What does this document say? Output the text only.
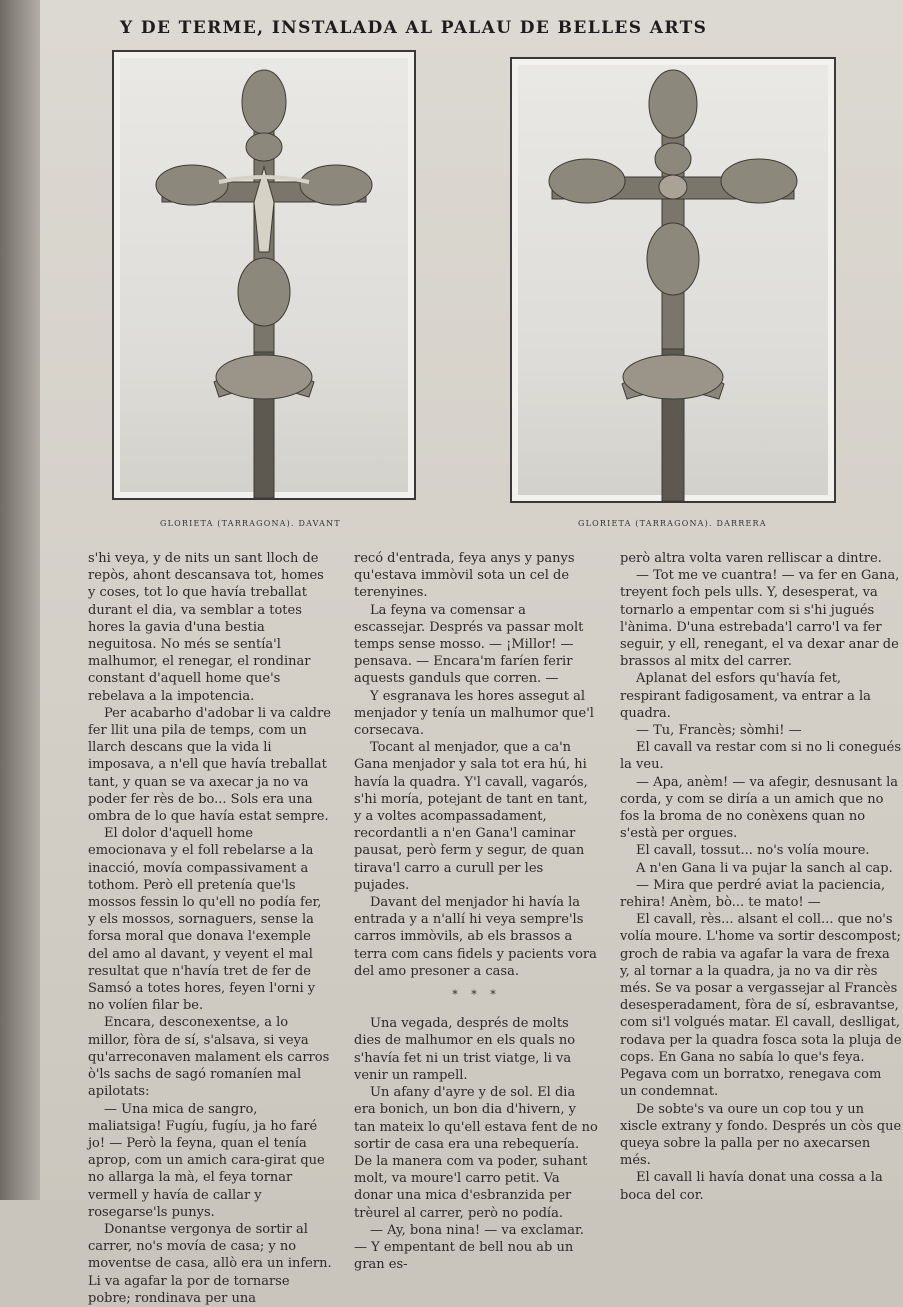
Y DE TERME, INSTALADA AL PALAU DE BELLES ARTS
GLORIETA (TARRAGONA). DAVANT	GLORIETA (TARRAGONA). DARRERA

s'hi veya, y de nits un sant lloch de repòs, ahont descansava tot, homes y coses, tot lo que havía treballat durant el dia, va semblar a totes hores la gavia d'una bestia neguitosa. No més se sentía'l malhumor, el renegar, el rondinar constant d'aquell home que's rebelava a la impotencia.

Per acabarho d'adobar li va caldre fer llit una pila de temps, com un llarch descans que la vida li imposava, a n'ell que havía treballat tant, y quan se va axecar ja no va poder fer rès de bo... Sols era una ombra de lo que havía estat sempre.

El dolor d'aquell home emocionava y el foll rebelarse a la inacció, movía compassivament a tothom. Però ell pretenía que'ls mossos fessin lo qu'ell no podía fer, y els mossos, sornaguers, sense la forsa moral que donava l'exemple del amo al davant, y veyent el mal resultat que n'havía tret de fer de Samsó a totes hores, feyen l'orni y no volíen filar be.

Encara, desconexentse, a lo millor, fòra de sí, s'alsava, si veya qu'arreconaven malament els carros ò'ls sachs de sagó romaníen mal apilotats:

— Una mica de sangro, maliatsiga! Fugíu, fugíu, ja ho faré jo! — Però la feyna, quan el tenía aprop, com un amich cara-girat que no allarga la mà, el feya tornar vermell y havía de callar y rosegarse'ls punys.

Donantse vergonya de sortir al carrer, no's movía de casa; y no moventse de casa, allò era un infern. Li va agafar la por de tornarse pobre; rondinava per una

recó d'entrada, feya anys y panys qu'estava immòvil sota un cel de terenyines.

La feyna va comensar a escassejar. Després va passar molt temps sense mosso. — ¡Millor! — pensava. — Encara'm faríen ferir aquests ganduls que corren. —

Y esgranava les hores assegut al menjador y tenía un malhumor que'l corsecava.

Tocant al menjador, que a ca'n Gana menjador y sala tot era hú, hi havía la quadra. Y'l cavall, vagarós, s'hi moría, potejant de tant en tant, y a voltes acompassadament, recordantli a n'en Gana'l caminar pausat, però ferm y segur, de quan tirava'l carro a curull per les pujades.

Davant del menjador hi havía la entrada y a n'allí hi veya sempre'ls carros immòvils, ab els brassos a terra com cans fidels y pacients vora del amo presoner a casa.

* * *

Una vegada, després de molts dies de malhumor en els quals no s'havía fet ni un trist viatge, li va venir un rampell.

Un afany d'ayre y de sol. El dia era bonich, un bon dia d'hivern, y tan mateix lo qu'ell estava fent de no sortir de casa era una rebequería. De la manera com va poder, suhant molt, va moure'l carro petit. Va donar una mica d'esbranzida per trèurel al carrer, però no podía.

— Ay, bona nina! — va exclamar. — Y empentant de bell nou ab un gran es-

però altra volta varen relliscar a dintre.

— Tot me ve cuantra! — va fer en Gana, treyent foch pels ulls. Y, desesperat, va tornarlo a empentar com si s'hi jugués l'ànima. D'una estrebada'l carro'l va fer seguir, y ell, renegant, el va dexar anar de brassos al mitx del carrer.

Aplanat del esfors qu'havía fet, respirant fadigosament, va entrar a la quadra.

— Tu, Francès; sòmhi! —

El cavall va restar com si no li conegués la veu.

— Apa, anèm! — va afegir, desnusant la corda, y com se diría a un amich que no fos la broma de no conèxens quan no s'està per orgues.

El cavall, tossut... no's volía moure.

A n'en Gana li va pujar la sanch al cap.

— Mira que perdré aviat la paciencia, rehira! Anèm, bò... te mato! —

El cavall, rès... alsant el coll... que no's volía moure. L'home va sortir descompost; groch de rabia va agafar la vara de frexa y, al tornar a la quadra, ja no va dir rès més. Se va posar a vergassejar al Francès desesperadament, fòra de sí, esbravantse, com si'l volgués matar. El cavall, deslligat, rodava per la quadra fosca sota la pluja de cops. En Gana no sabía lo que's feya. Pegava com un borratxo, renegava com un condemnat.

De sobte's va oure un cop tou y un xiscle extrany y fondo. Després un còs que queya sobre la palla per no axecarsen més.

El cavall li havía donat una cossa a la boca del cor.
